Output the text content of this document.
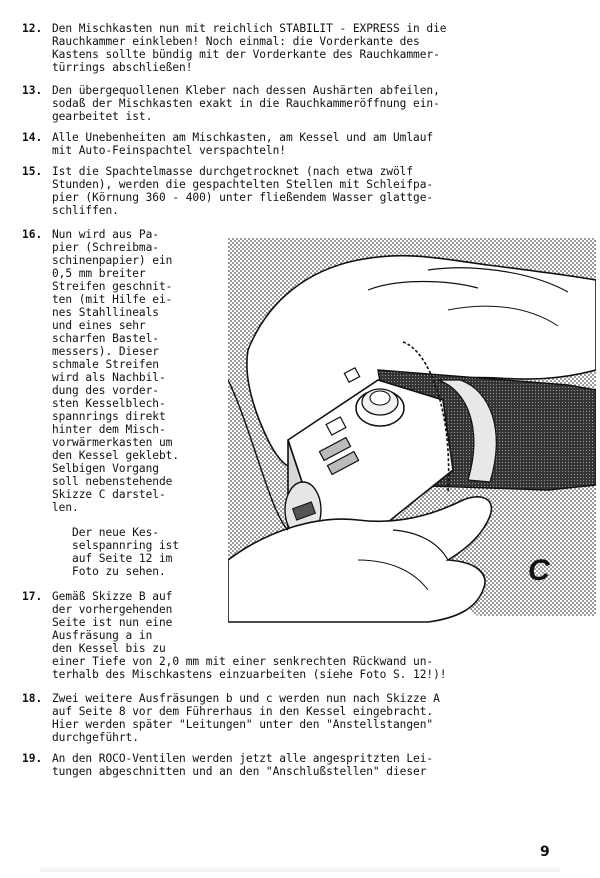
12.
13.
14.
15.
16.
17.
18.
19.
Den Mischkasten nun mit reichlich STABILIT - EXPRESS in die
Rauchkammer einkleben! Noch einmal: die Vorderkante des
Kastens sollte bündig mit der Vorderkante des Rauchkammer-
türrings abschließen!
Den übergequollenen Kleber nach dessen Aushärten abfeilen,
sodaß der Mischkasten exakt in die Rauchkammeröffnung ein-
gearbeitet ist.
Alle Unebenheiten am Mischkasten, am Kessel und am Umlauf
mit Auto-Feinspachtel verspachteln!
Ist die Spachtelmasse durchgetrocknet (nach etwa zwölf
Stunden), werden die gespachtelten Stellen mit Schleifpa-
pier (Körnung 360 - 400) unter fließendem Wasser glattge-
schliffen.
Nun wird aus Pa-
pier (Schreibma-
schinenpapier) ein
0,5 mm breiter
Streifen geschnit-
ten (mit Hilfe ei-
nes Stahllineals
und eines sehr
scharfen Bastel-
messers). Dieser
schmale Streifen
wird als Nachbil-
dung des vorder-
sten Kesselblech-
spannrings direkt
hinter dem Misch-
vorwärmerkasten um
den Kessel geklebt.
Selbigen Vorgang
soll nebenstehende
Skizze C darstel-
len.
Der neue Kes-
selspannring ist
auf Seite 12 im
Foto zu sehen.
Gemäß Skizze B auf
der vorhergehenden
Seite ist nun eine
Ausfräsung a in
den Kessel bis zu
einer Tiefe von 2,0 mm mit einer senkrechten Rückwand un-
terhalb des Mischkastens einzuarbeiten (siehe Foto S. 12!)!
Zwei weitere Ausfräsungen b und c werden nun nach Skizze A
auf Seite 8 vor dem Führerhaus in den Kessel eingebracht.
Hier werden später "Leitungen" unter den "Anstellstangen"
durchgeführt.
An den ROCO-Ventilen werden jetzt alle angespritzten Lei-
tungen abgeschnitten und an den "Anschlußstellen" dieser
C
9
